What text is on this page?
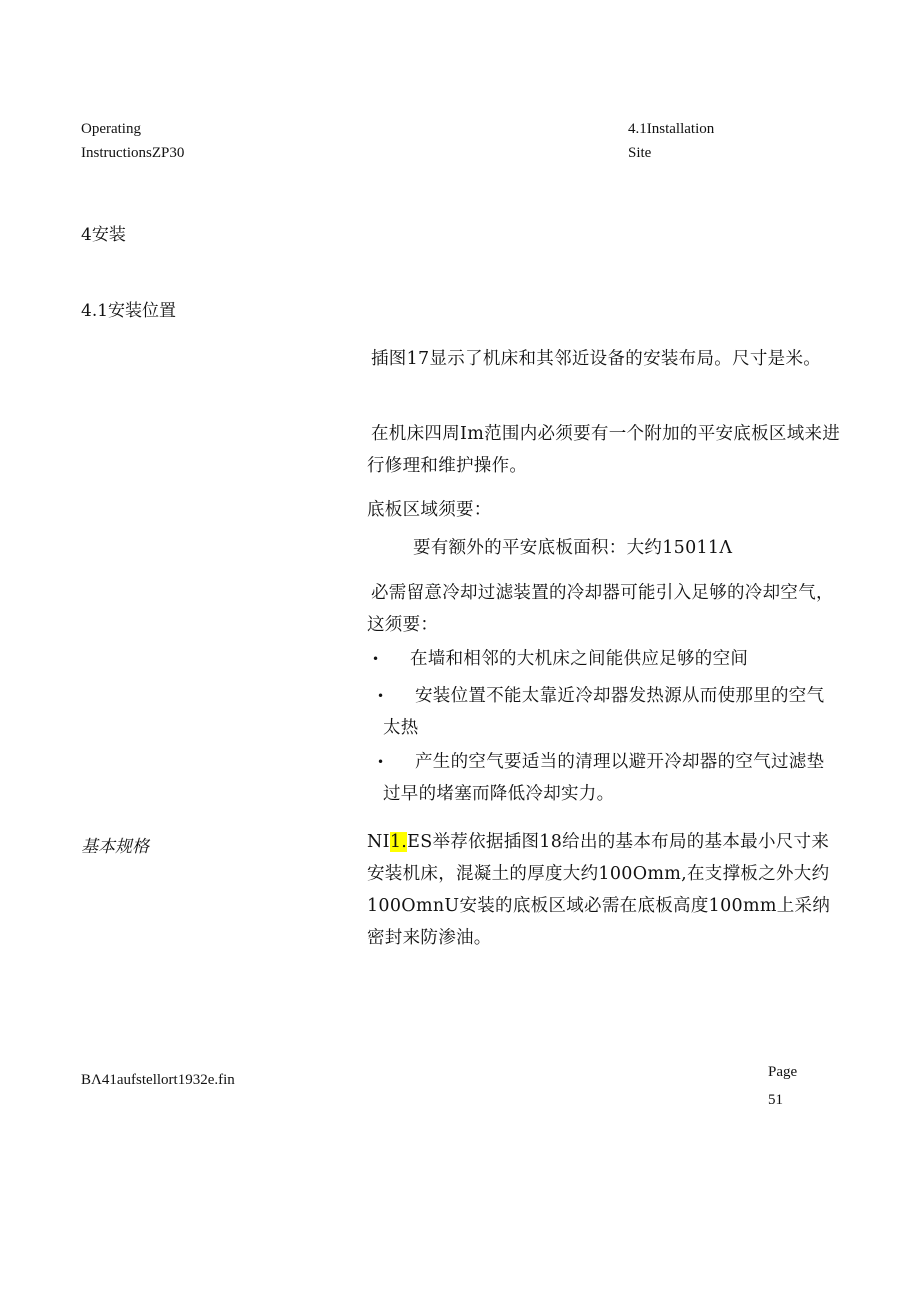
Operating
InstructionsZP30
4.1Installation
Site
4安装
4.1安装位置
基本规格
插图17显示了机床和其邻近设备的安装布局。尺寸是米。
在机床四周Im范围内必须要有一个附加的平安底板区域来进行修理和维护操作。
底板区域须要：
要有额外的平安底板面积：大约15011Λ
必需留意冷却过滤装置的冷却器可能引入足够的冷却空气，这须要：
•	在墙和相邻的大机床之间能供应足够的空间
•	安装位置不能太靠近冷却器发热源从而使那里的空气太热
•	产生的空气要适当的清理以避开冷却器的空气过滤垫过早的堵塞而降低冷却实力。
NI1.ES举荐依据插图18给出的基本布局的基本最小尺寸来安装机床，混凝土的厚度大约100Omm,在支撑板之外大约100OmnU安装的底板区域必需在底板高度100mm上采纳密封来防渗油。
BΛ41aufstellort1932e.fin	Page
51
